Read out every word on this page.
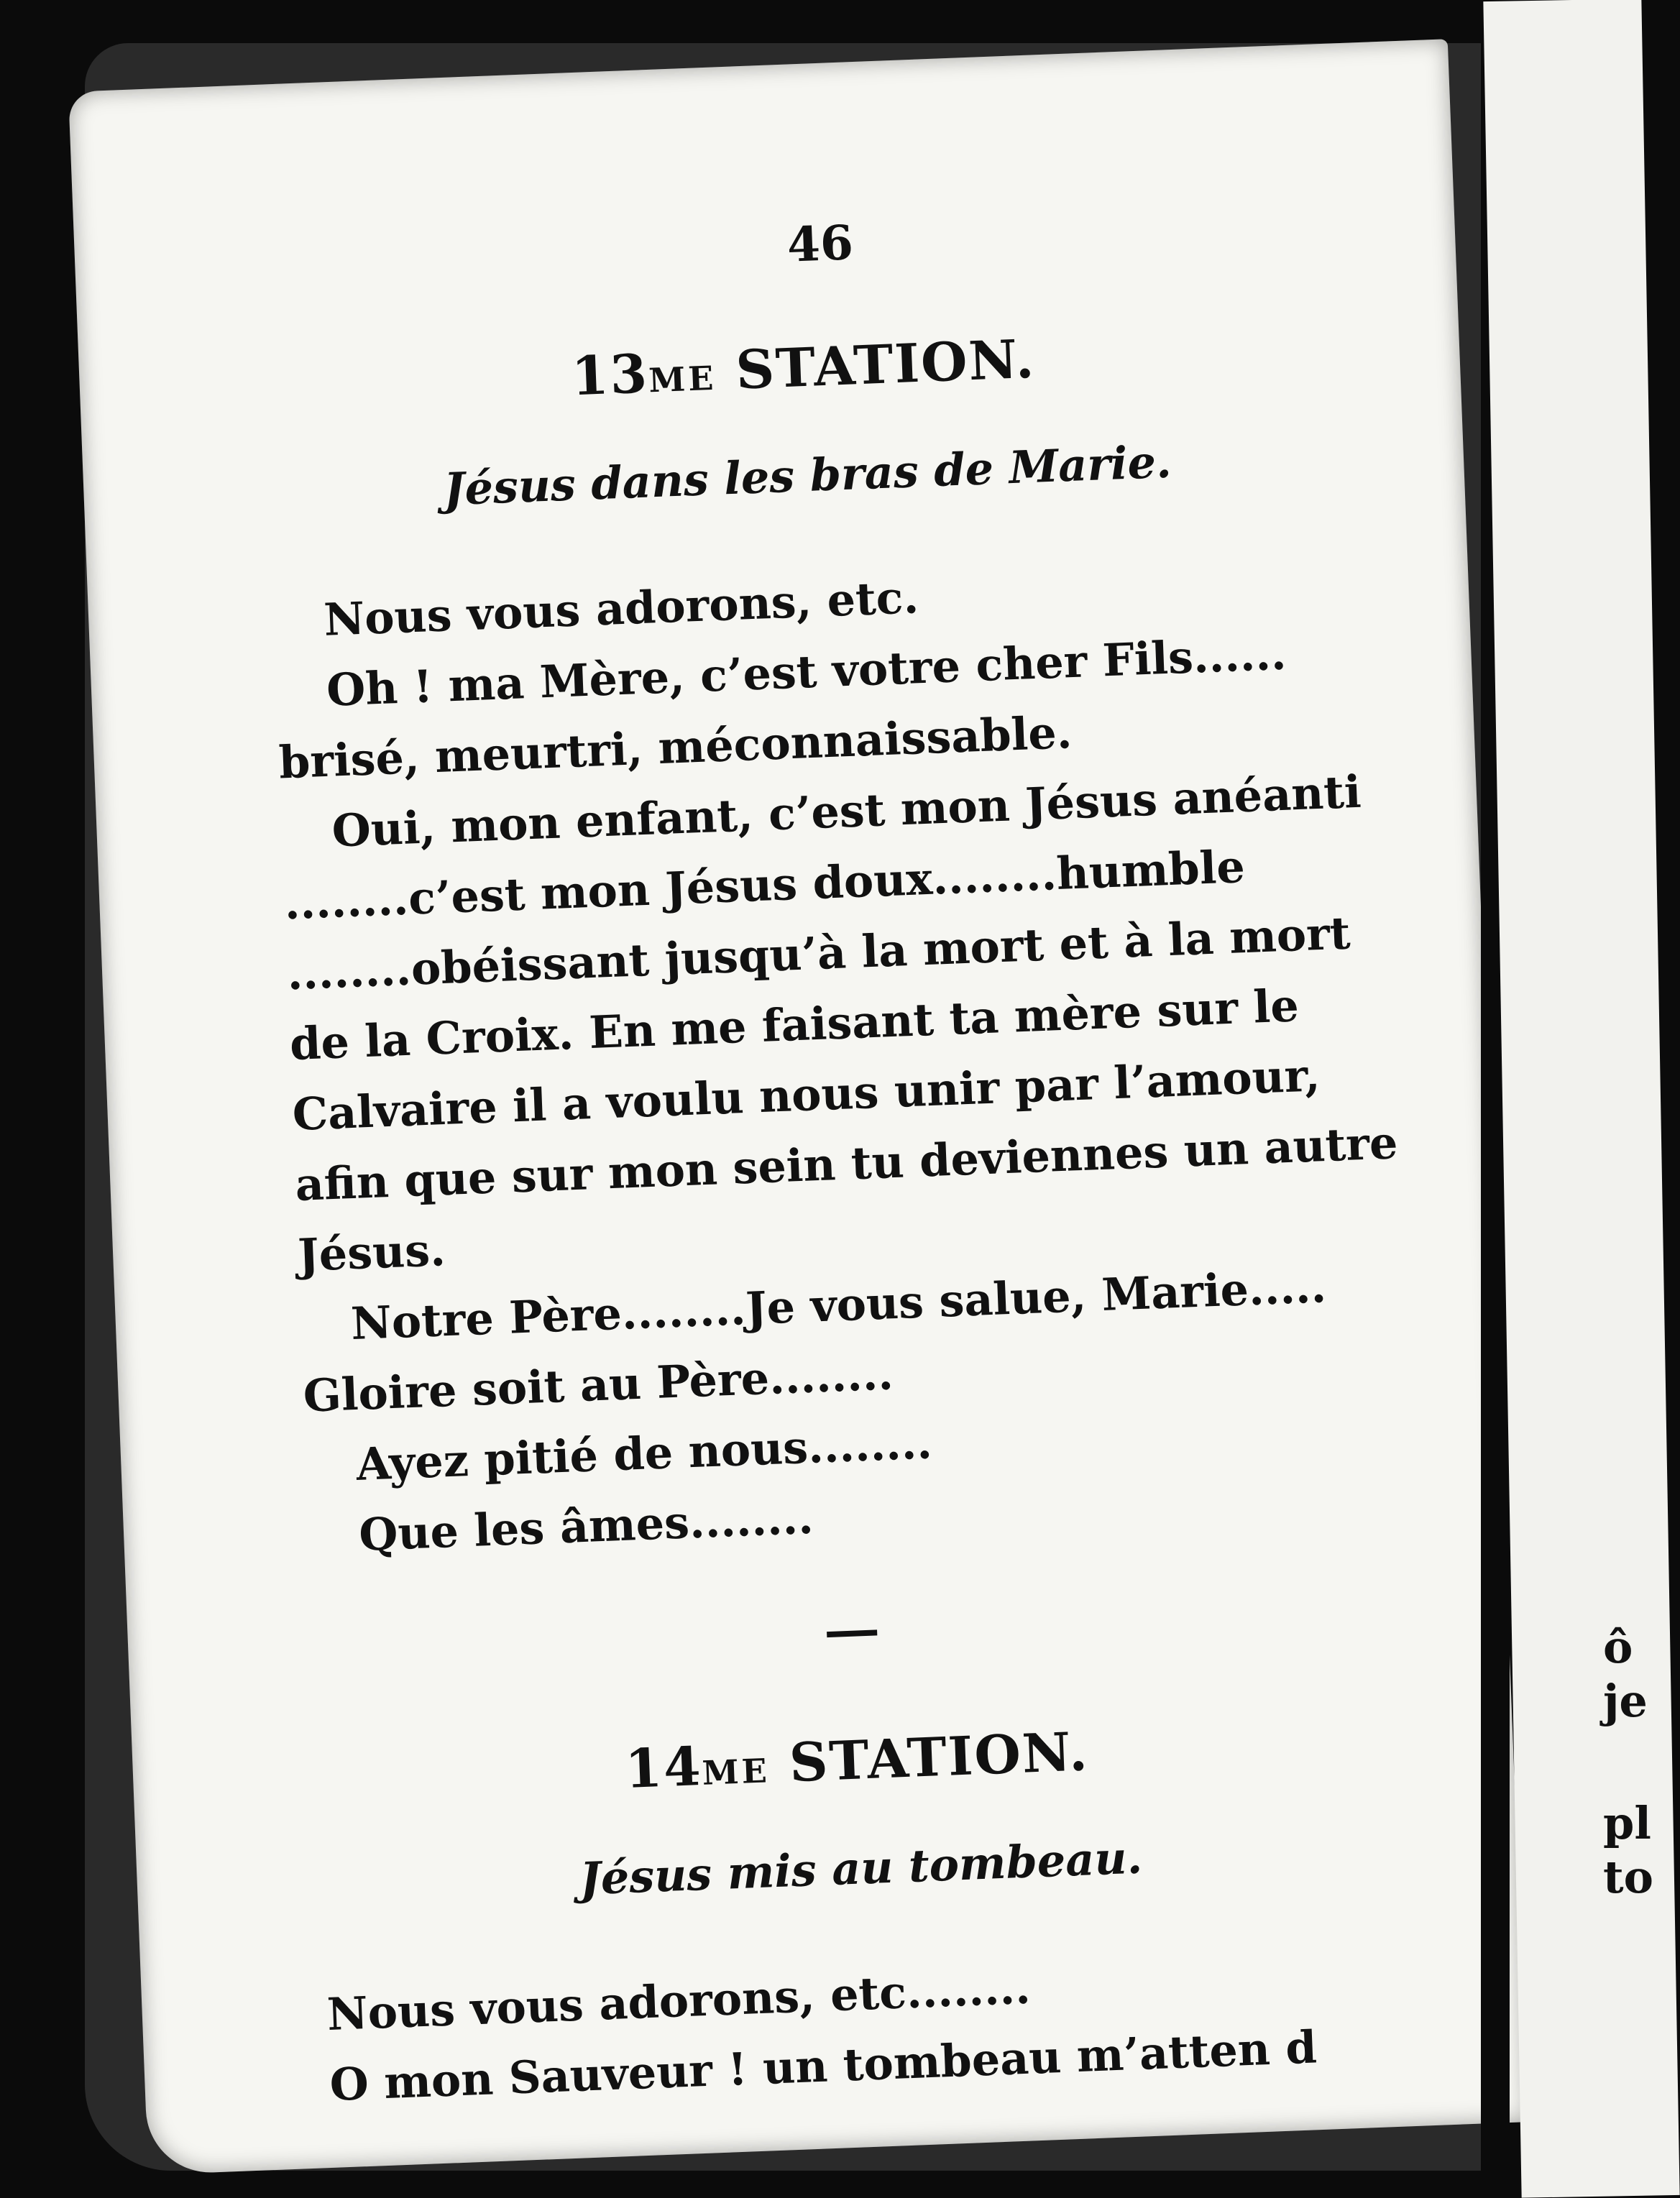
ô
je
pl
to
46
13ME STATION.
Jésus dans les bras de Marie.
Nous vous adorons, etc.
Oh ! ma Mère, c’est votre cher Fils......
brisé, meurtri, méconnaissable.
Oui, mon enfant, c’est mon Jésus anéanti
........c’est mon Jésus doux........humble
........obéissant jusqu’à la mort et à la mort
de la Croix. En me faisant ta mère sur le
Calvaire il a voulu nous unir par l’amour,
afin que sur mon sein tu deviennes un autre
Jésus.
Notre Père........Je vous salue, Marie.....
Gloire soit au Père........
Ayez pitié de nous........
Que les âmes........
14ME STATION.
Jésus mis au tombeau.
Nous vous adorons, etc........
O mon Sauveur ! un tombeau m’atten d
